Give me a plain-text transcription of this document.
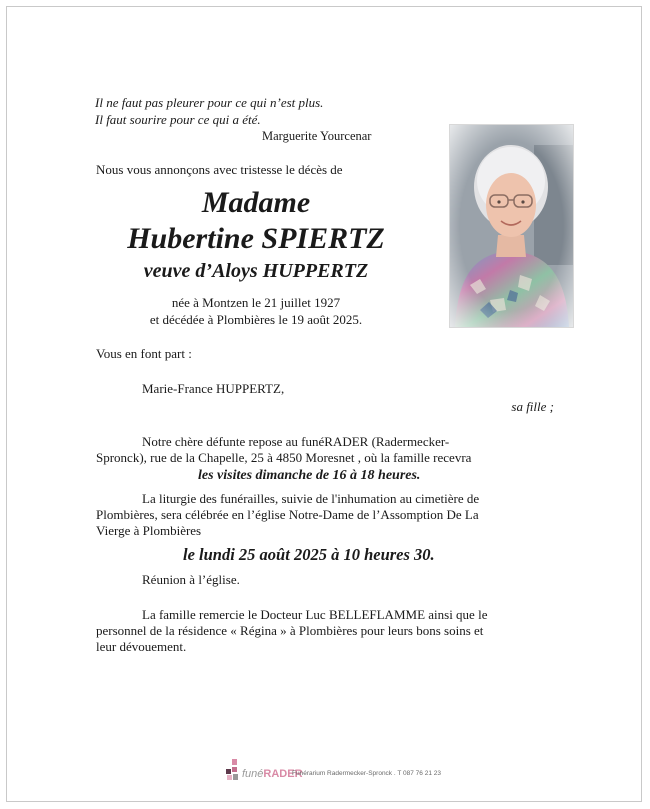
Il ne faut pas pleurer pour ce qui n’est plus.
Il faut sourire pour ce qui a été.
Marguerite Yourcenar
Nous vous annonçons avec tristesse le décès de
Madame
Hubertine SPIERTZ
veuve d’Aloys HUPPERTZ
née à Montzen le 21 juillet 1927
et décédée à Plombières le 19 août 2025.
Vous en font part :
Marie-France HUPPERTZ,
sa fille ;
Notre chère défunte repose au funéRADER (Radermecker-
Spronck), rue de la Chapelle, 25 à 4850 Moresnet , où la famille recevra
les visites dimanche de 16 à 18 heures.
La liturgie des funérailles, suivie de l'inhumation au cimetière de
Plombières, sera célébrée en l’église Notre-Dame de l’Assomption De La
Vierge à Plombières
le lundi 25 août 2025 à 10 heures 30.
Réunion à l’église.
La famille remercie le Docteur Luc BELLEFLAMME ainsi que le
personnel de la résidence « Régina » à Plombières pour leurs bons soins et
leur dévouement.
funéRADER
Funérarium Radermecker-Spronck . T 087 76 21 23
